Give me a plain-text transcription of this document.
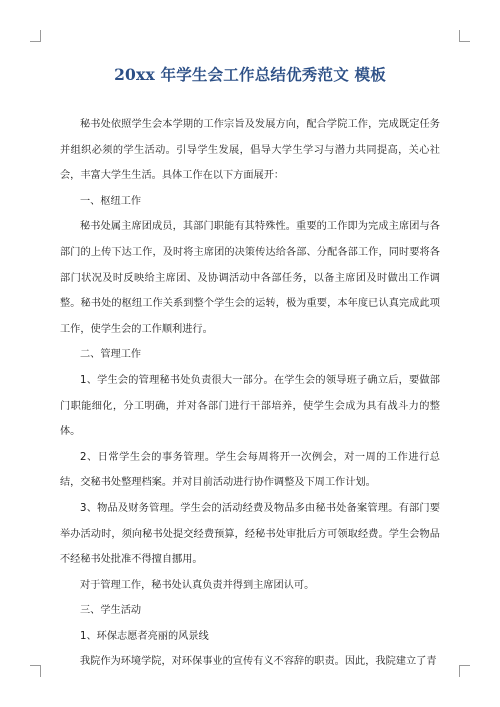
20xx 年学生会工作总结优秀范文 模板

秘书处依照学生会本学期的工作宗旨及发展方向，配合学院工作，完成既定任务并组织必须的学生活动。引导学生发展，倡导大学生学习与潜力共同提高，关心社会，丰富大学生生活。具体工作在以下方面展开：

一、枢纽工作

秘书处属主席团成员，其部门职能有其特殊性。重要的工作即为完成主席团与各部门的上传下达工作，及时将主席团的决策传达给各部、分配各部工作，同时要将各部门状况及时反映给主席团、及协调活动中各部任务，以备主席团及时做出工作调整。秘书处的枢纽工作关系到整个学生会的运转，极为重要，本年度已认真完成此项工作，使学生会的工作顺利进行。

二、管理工作

1、学生会的管理秘书处负责很大一部分。在学生会的领导班子确立后，要做部门职能细化，分工明确，并对各部门进行干部培养，使学生会成为具有战斗力的整体。

2、日常学生会的事务管理。学生会每周将开一次例会，对一周的工作进行总结，交秘书处整理档案。并对目前活动进行协作调整及下周工作计划。

3、物品及财务管理。学生会的活动经费及物品多由秘书处备案管理。有部门要举办活动时，须向秘书处提交经费预算，经秘书处审批后方可领取经费。学生会物品不经秘书处批准不得擅自挪用。

对于管理工作，秘书处认真负责并得到主席团认可。

三、学生活动

1、环保志愿者亮丽的风景线

我院作为环境学院，对环保事业的宣传有义不容辞的职责。因此，我院建立了青
